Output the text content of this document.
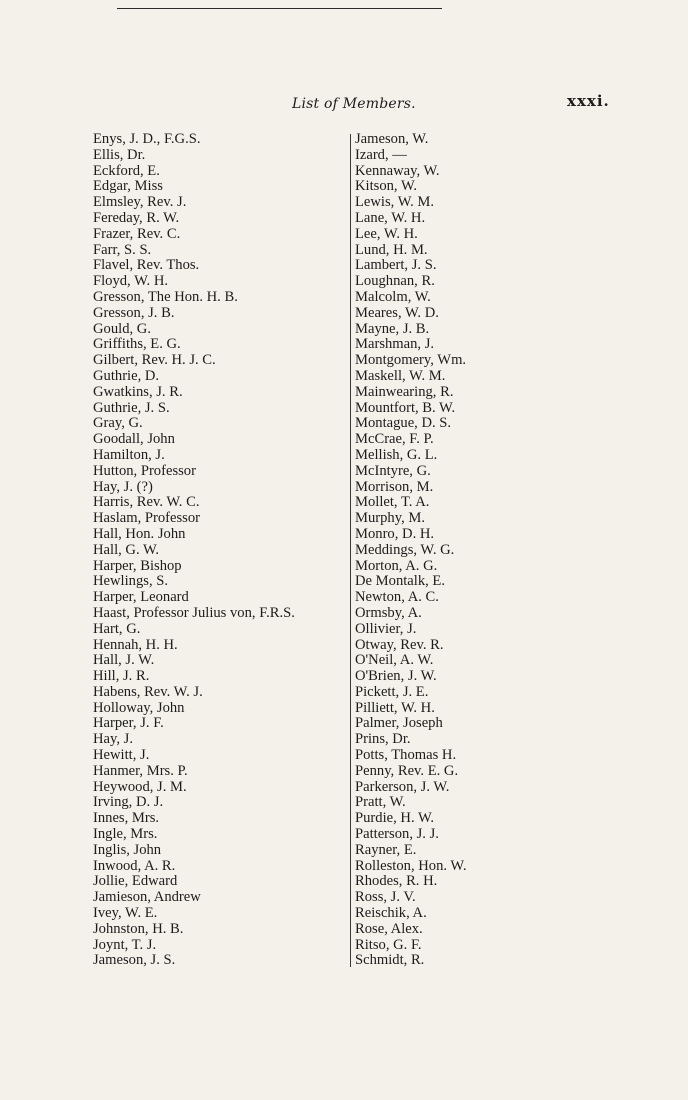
List of Members.	xxxi.
Enys, J. D., F.G.S.
Ellis, Dr.
Eckford, E.
Edgar, Miss
Elmsley, Rev. J.
Fereday, R. W.
Frazer, Rev. C.
Farr, S. S.
Flavel, Rev. Thos.
Floyd, W. H.
Gresson, The Hon. H. B.
Gresson, J. B.
Gould, G.
Griffiths, E. G.
Gilbert, Rev. H. J. C.
Guthrie, D.
Gwatkins, J. R.
Guthrie, J. S.
Gray, G.
Goodall, John
Hamilton, J.
Hutton, Professor
Hay, J. (?)
Harris, Rev. W. C.
Haslam, Professor
Hall, Hon. John
Hall, G. W.
Harper, Bishop
Hewlings, S.
Harper, Leonard
Haast, Professor Julius von, F.R.S.
Hart, G.
Hennah, H. H.
Hall, J. W.
Hill, J. R.
Habens, Rev. W. J.
Holloway, John
Harper, J. F.
Hay, J.
Hewitt, J.
Hanmer, Mrs. P.
Heywood, J. M.
Irving, D. J.
Innes, Mrs.
Ingle, Mrs.
Inglis, John
Inwood, A. R.
Jollie, Edward
Jamieson, Andrew
Ivey, W. E.
Johnston, H. B.
Joynt, T. J.
Jameson, J. S.
Jameson, W.
Izard, —
Kennaway, W.
Kitson, W.
Lewis, W. M.
Lane, W. H.
Lee, W. H.
Lund, H. M.
Lambert, J. S.
Loughnan, R.
Malcolm, W.
Meares, W. D.
Mayne, J. B.
Marshman, J.
Montgomery, Wm.
Maskell, W. M.
Mainwearing, R.
Mountfort, B. W.
Montague, D. S.
McCrae, F. P.
Mellish, G. L.
McIntyre, G.
Morrison, M.
Mollet, T. A.
Murphy, M.
Monro, D. H.
Meddings, W. G.
Morton, A. G.
De Montalk, E.
Newton, A. C.
Ormsby, A.
Ollivier, J.
Otway, Rev. R.
O'Neil, A. W.
O'Brien, J. W.
Pickett, J. E.
Pilliett, W. H.
Palmer, Joseph
Prins, Dr.
Potts, Thomas H.
Penny, Rev. E. G.
Parkerson, J. W.
Pratt, W.
Purdie, H. W.
Patterson, J. J.
Rayner, E.
Rolleston, Hon. W.
Rhodes, R. H.
Ross, J. V.
Reischik, A.
Rose, Alex.
Ritso, G. F.
Schmidt, R.
